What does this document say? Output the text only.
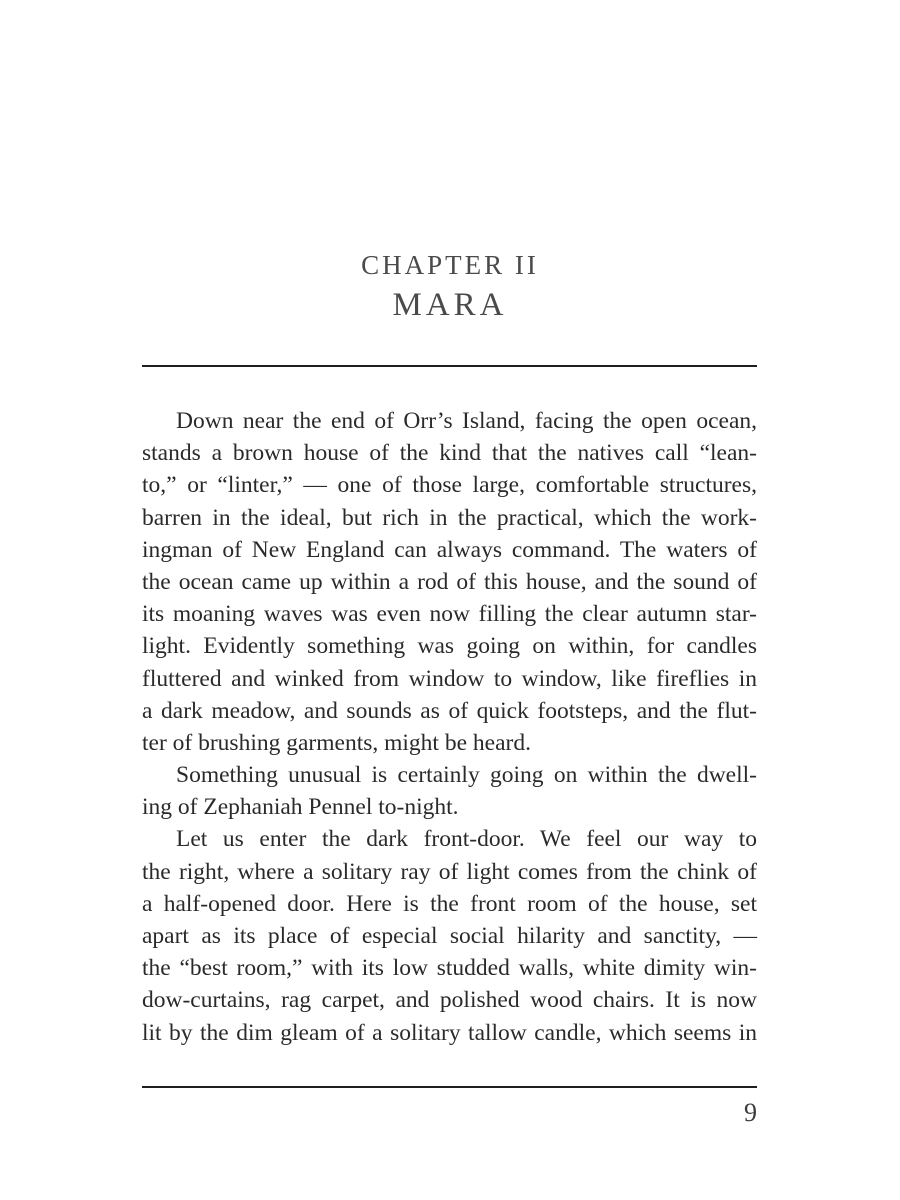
CHAPTER II
MARA
Down near the end of Orr’s Island, facing the open ocean,
stands a brown house of the kind that the natives call “lean-
to,” or “linter,” — one of those large, comfortable structures,
barren in the ideal, but rich in the practical, which the work-
ingman of New England can always command. The waters of
the ocean came up within a rod of this house, and the sound of
its moaning waves was even now filling the clear autumn star-
light. Evidently something was going on within, for candles
fluttered and winked from window to window, like fireflies in
a dark meadow, and sounds as of quick footsteps, and the flut-
ter of brushing garments, might be heard.
Something unusual is certainly going on within the dwell-
ing of Zephaniah Pennel to-night.
Let us enter the dark front-door. We feel our way to
the right, where a solitary ray of light comes from the chink of
a half-opened door. Here is the front room of the house, set
apart as its place of especial social hilarity and sanctity, —
the “best room,” with its low studded walls, white dimity win-
dow-curtains, rag carpet, and polished wood chairs. It is now
lit by the dim gleam of a solitary tallow candle, which seems in
9
